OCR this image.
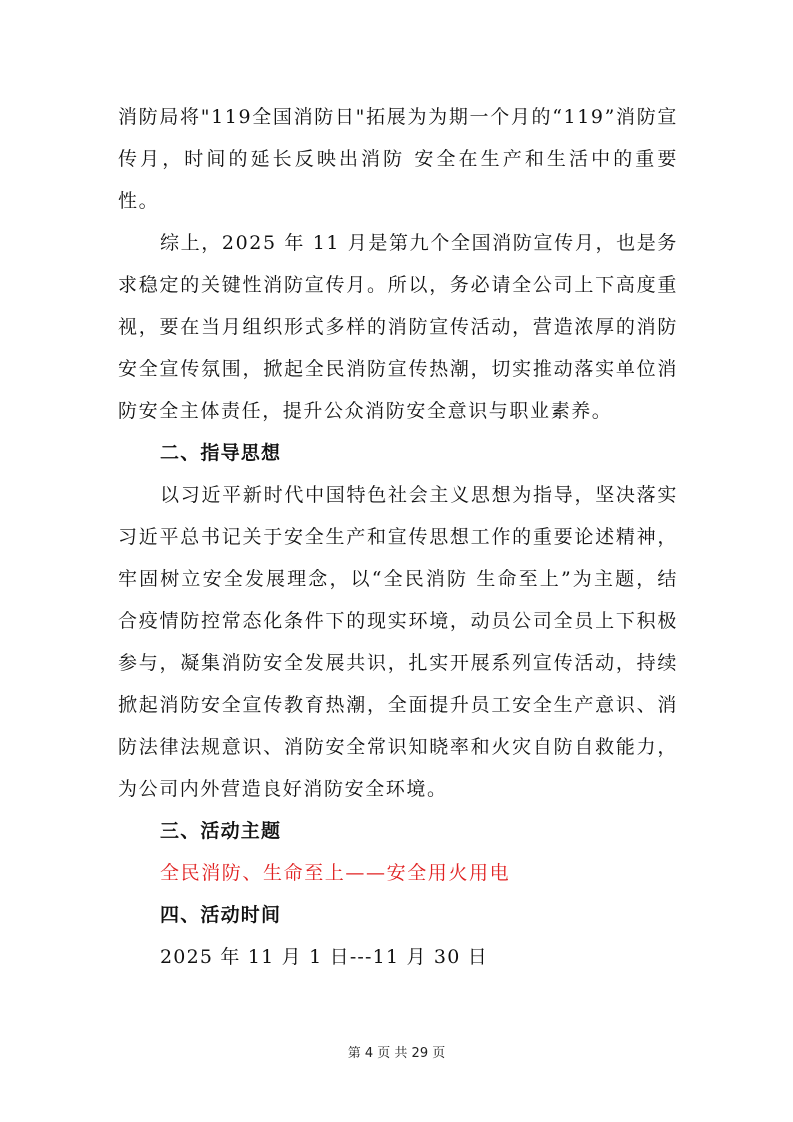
消防局将"119全国消防日"拓展为为期一个月的“119”消防宣传月，时间的延长反映出消防 安全在生产和生活中的重要性。

综上，2025 年 11 月是第九个全国消防宣传月，也是务求稳定的关键性消防宣传月。所以，务必请全公司上下高度重视，要在当月组织形式多样的消防宣传活动，营造浓厚的消防安全宣传氛围，掀起全民消防宣传热潮，切实推动落实单位消防安全主体责任，提升公众消防安全意识与职业素养。

二、指导思想

以习近平新时代中国特色社会主义思想为指导，坚决落实习近平总书记关于安全生产和宣传思想工作的重要论述精神，牢固树立安全发展理念，以“全民消防 生命至上”为主题，结合疫情防控常态化条件下的现实环境，动员公司全员上下积极参与，凝集消防安全发展共识，扎实开展系列宣传活动，持续掀起消防安全宣传教育热潮，全面提升员工安全生产意识、消防法律法规意识、消防安全常识知晓率和火灾自防自救能力，为公司内外营造良好消防安全环境。

三、活动主题

全民消防、生命至上——安全用火用电

四、活动时间

2025 年 11 月 1 日---11 月 30 日

第 4 页 共 29 页
